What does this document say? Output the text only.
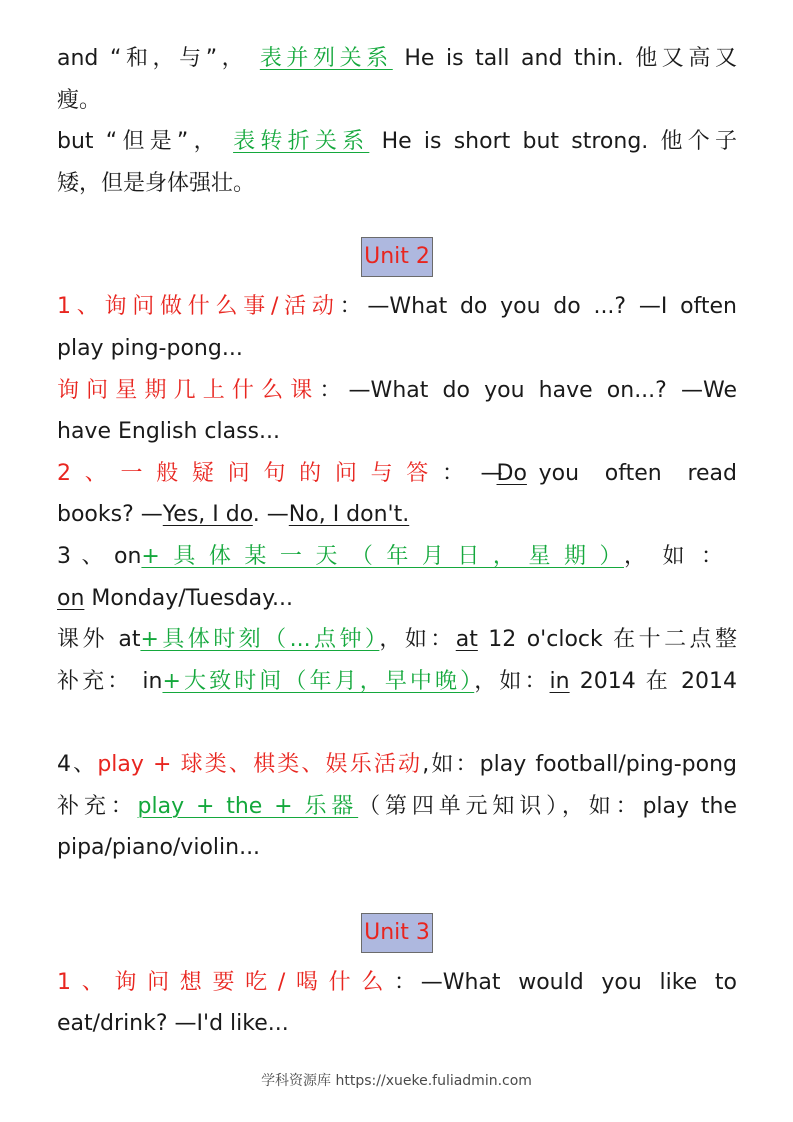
and “和，与”， 表并列关系 He is tall and thin. 他又高又
瘦。
but “但是”， 表转折关系 He is short but strong. 他个子
矮，但是身体强壮。
Unit 2
1、询问做什么事/活动：—What do you do ...? —I often
play ping-pong...
询问星期几上什么课：—What do you have on...? —We
have English class...
2、一般疑问句的问与答： —Do you often read
books? —Yes, I do. —No, I don't.
3、on+具体某一天（年月日，星期），如：
on Monday/Tuesday...
课外 at+具体时刻（...点钟），如：at 12 o'clock 在十二点整
补充： in+大致时间（年月，早中晚），如：in 2014 在 2014

4、play + 球类、棋类、娱乐活动,如：play football/ping-pong
补充：play + the + 乐器（第四单元知识），如：play the
pipa/piano/violin...
Unit 3
1、询问想要吃/喝什么：—What would you like to
eat/drink? —I'd like...
学科资源库 https://xueke.fuliadmin.com
